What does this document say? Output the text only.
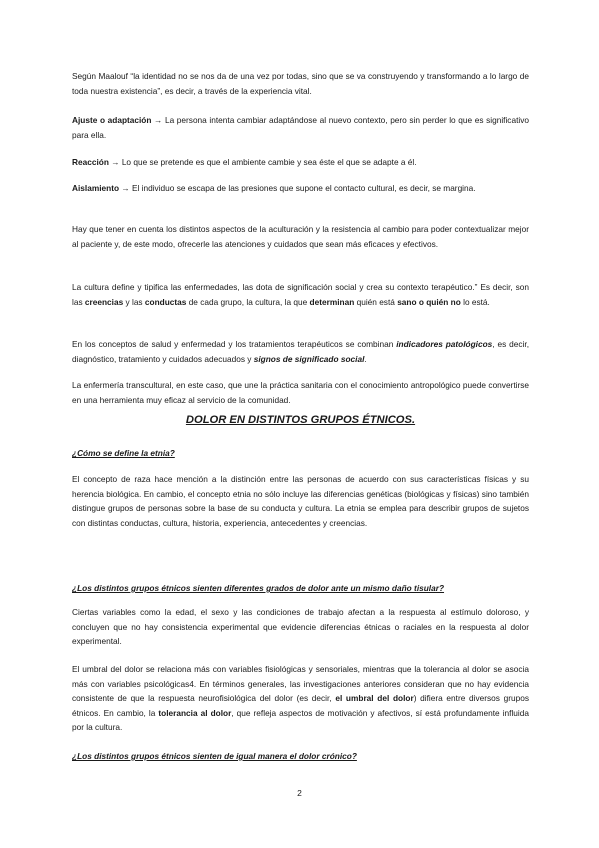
Según Maalouf “la identidad no se nos da de una vez por todas, sino que se va construyendo y transformando a lo largo de toda nuestra existencia”, es decir, a través de la experiencia vital.

Ajuste o adaptación → La persona intenta cambiar adaptándose al nuevo contexto, pero sin perder lo que es significativo para ella.

Reacción → Lo que se pretende es que el ambiente cambie y sea éste el que se adapte a él.

Aislamiento → El individuo se escapa de las presiones que supone el contacto cultural, es decir, se margina.

Hay que tener en cuenta los distintos aspectos de la aculturación y la resistencia al cambio para poder contextualizar mejor al paciente y, de este modo, ofrecerle las atenciones y cuidados que sean más eficaces y efectivos.

La cultura define y tipifica las enfermedades, las dota de significación social y crea su contexto terapéutico.” Es decir, son las creencias y las conductas de cada grupo, la cultura, la que determinan quién está sano o quién no lo está.

En los conceptos de salud y enfermedad y los tratamientos terapéuticos se combinan indicadores patológicos, es decir, diagnóstico, tratamiento y cuidados adecuados y signos de significado social.

La enfermería transcultural, en este caso, que une la práctica sanitaria con el conocimiento antropológico puede convertirse en una herramienta muy eficaz al servicio de la comunidad.

DOLOR EN DISTINTOS GRUPOS ÉTNICOS.

¿Cómo se define la etnia?

El concepto de raza hace mención a la distinción entre las personas de acuerdo con sus características físicas y su herencia biológica. En cambio, el concepto etnia no sólo incluye las diferencias genéticas (biológicas y físicas) sino también distingue grupos de personas sobre la base de su conducta y cultura. La etnia se emplea para describir grupos de sujetos con distintas conductas, cultura, historia, experiencia, antecedentes y creencias.

¿Los distintos grupos étnicos sienten diferentes grados de dolor ante un mismo daño tisular?

Ciertas variables como la edad, el sexo y las condiciones de trabajo afectan a la respuesta al estímulo doloroso, y concluyen que no hay consistencia experimental que evidencie diferencias étnicas o raciales en la respuesta al dolor experimental.

El umbral del dolor se relaciona más con variables fisiológicas y sensoriales, mientras que la tolerancia al dolor se asocia más con variables psicológicas4. En términos generales, las investigaciones anteriores consideran que no hay evidencia consistente de que la respuesta neurofisiológica del dolor (es decir, el umbral del dolor) difiera entre diversos grupos étnicos. En cambio, la tolerancia al dolor, que refleja aspectos de motivación y afectivos, sí está profundamente influida por la cultura.

¿Los distintos grupos étnicos sienten de igual manera el dolor crónico?

2
